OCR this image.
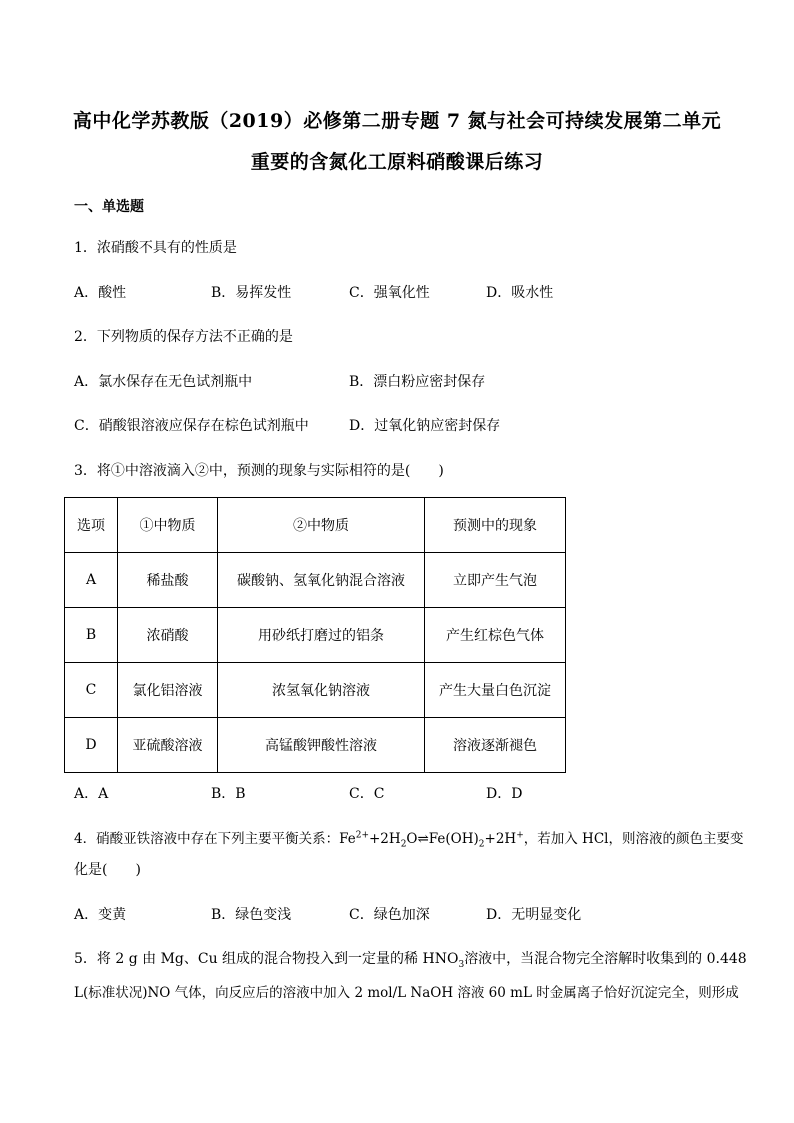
高中化学苏教版（2019）必修第二册专题 7 氮与社会可持续发展第二单元
重要的含氮化工原料硝酸课后练习
一、单选题
1．浓硝酸不具有的性质是
A．酸性	B．易挥发性	C．强氧化性	D．吸水性
2．下列物质的保存方法不正确的是
A．氯水保存在无色试剂瓶中	B．漂白粉应密封保存
C．硝酸银溶液应保存在棕色试剂瓶中	D．过氧化钠应密封保存
3．将①中溶液滴入②中，预测的现象与实际相符的是(　　)
选项	①中物质	②中物质	预测中的现象
A	稀盐酸	碳酸钠、氢氧化钠混合溶液	立即产生气泡
B	浓硝酸	用砂纸打磨过的铝条	产生红棕色气体
C	氯化铝溶液	浓氢氧化钠溶液	产生大量白色沉淀
D	亚硫酸溶液	高锰酸钾酸性溶液	溶液逐渐褪色
A．A	B．B	C．C	D．D
4．硝酸亚铁溶液中存在下列主要平衡关系：$Fe^{2+}+2H_2O\rightleftharpoons Fe(OH)_2+2H^+$，若加入 HCl，则溶液的颜色主要变
化是(　　)
A．变黄	B．绿色变浅	C．绿色加深	D．无明显变化
5．将 2 g 由 Mg、Cu 组成的混合物投入到一定量的稀 $HNO_3$溶液中，当混合物完全溶解时收集到的 0.448
L(标准状况)NO 气体，向反应后的溶液中加入 2 mol/L NaOH 溶液 60 mL 时金属离子恰好沉淀完全，则形成
